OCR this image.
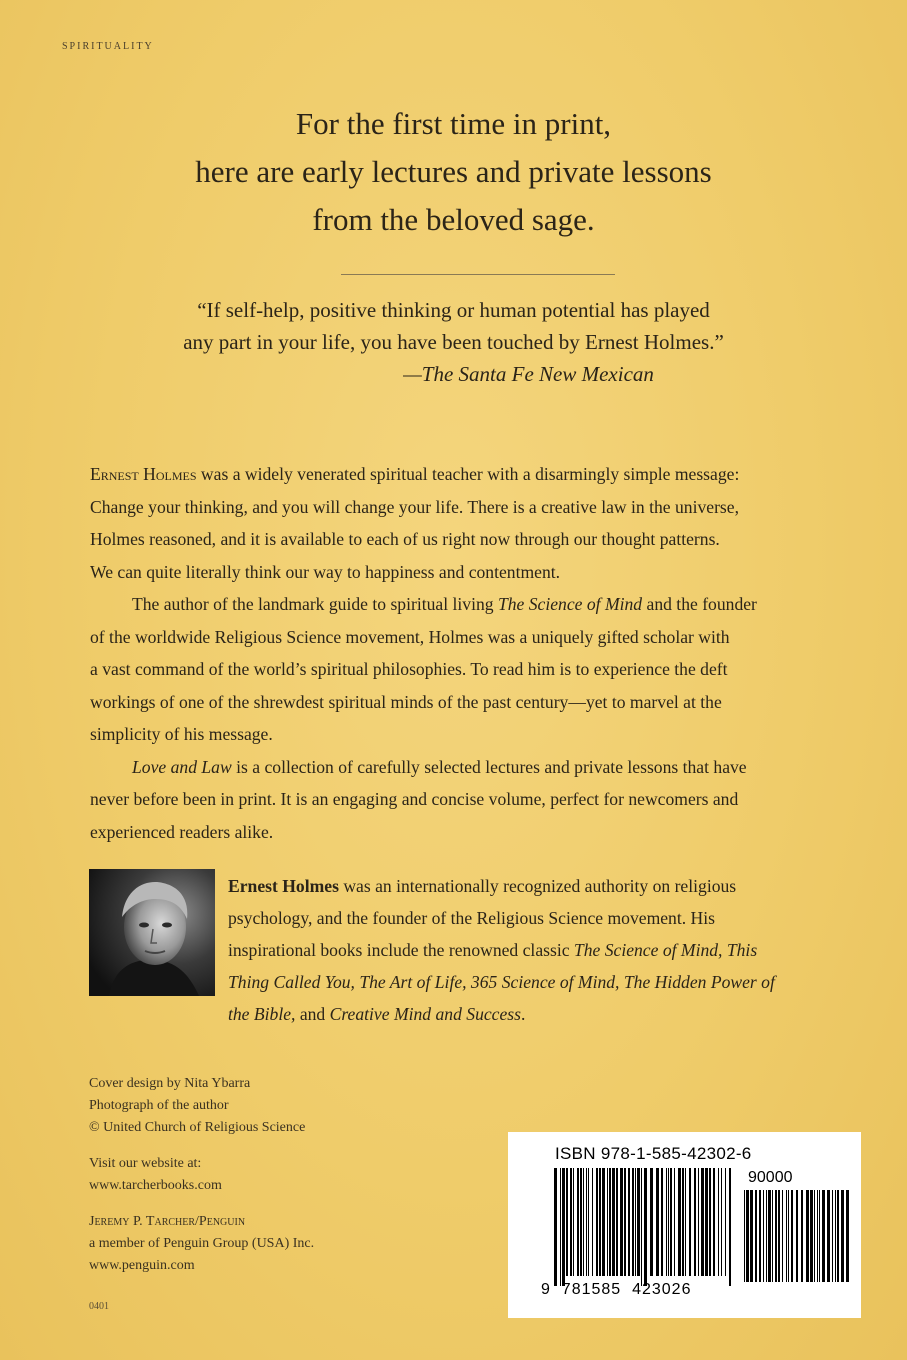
SPIRITUALITY
For the first time in print,
here are early lectures and private lessons
from the beloved sage.
“If self-help, positive thinking or human potential has played
any part in your life, you have been touched by Ernest Holmes.”
—The Santa Fe New Mexican

Ernest Holmes was a widely venerated spiritual teacher with a disarmingly simple message:

Change your thinking, and you will change your life. There is a creative law in the universe,

Holmes reasoned, and it is available to each of us right now through our thought patterns.

We can quite literally think our way to happiness and contentment.

The author of the landmark guide to spiritual living The Science of Mind and the founder

of the worldwide Religious Science movement, Holmes was a uniquely gifted scholar with

a vast command of the world’s spiritual philosophies. To read him is to experience the deft

workings of one of the shrewdest spiritual minds of the past century—yet to marvel at the

simplicity of his message.

Love and Law is a collection of carefully selected lectures and private lessons that have

never before been in print. It is an engaging and concise volume, perfect for newcomers and

experienced readers alike.

Ernest Holmes was an internationally recognized authority on religious
psychology, and the founder of the Religious Science movement. His
inspirational books include the renowned classic The Science of Mind, This
Thing Called You, The Art of Life, 365 Science of Mind, The Hidden Power of
the Bible, and Creative Mind and Success.
Cover design by Nita Ybarra
Photograph of the author
© United Church of Religious Science
Visit our website at:
www.tarcherbooks.com
Jeremy P. Tarcher/Penguin
a member of Penguin Group (USA) Inc.
www.penguin.com
0401
ISBN 978-1-585-42302-6
90000
9 781585 423026
